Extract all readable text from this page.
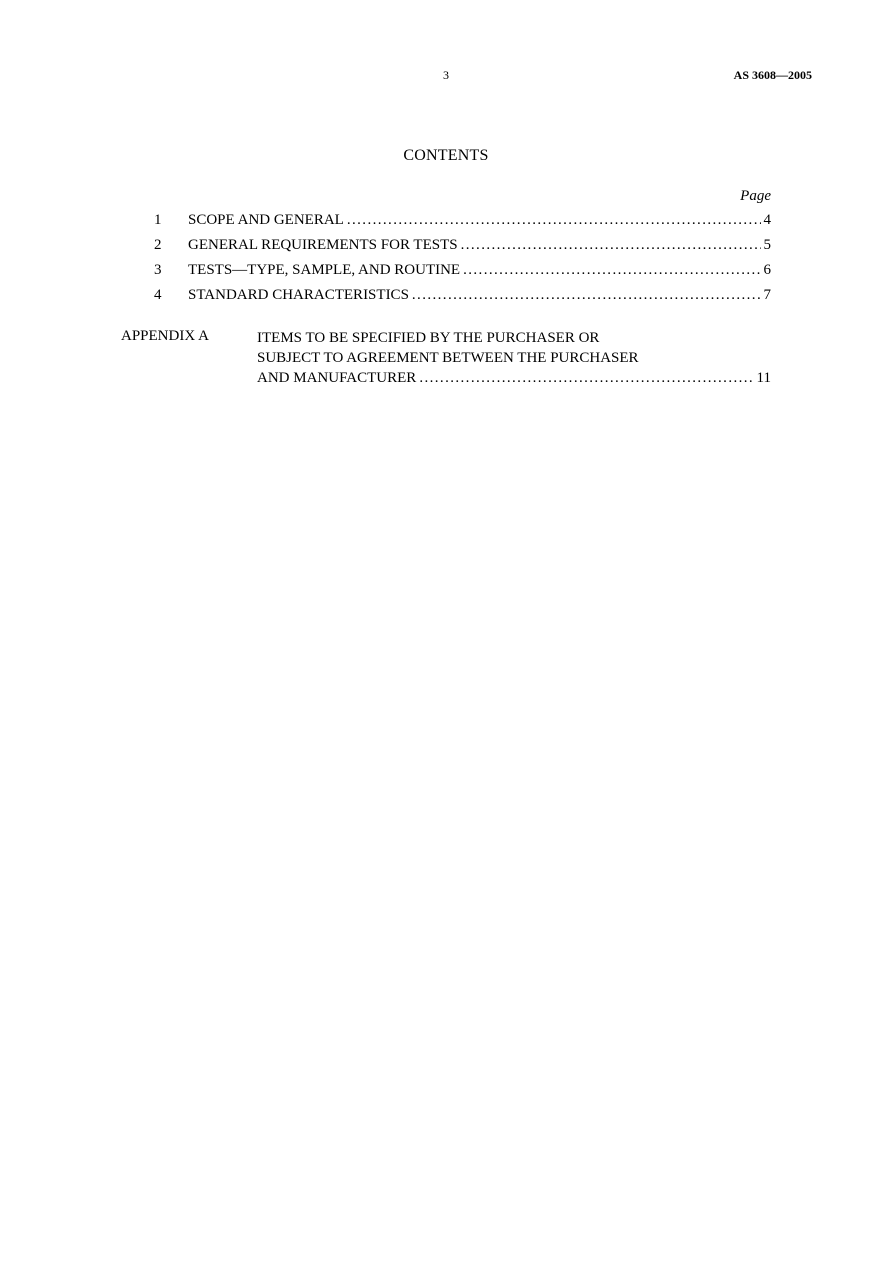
3	AS 3608—2005
CONTENTS
Page
1	SCOPE AND GENERAL .....	4
2	GENERAL REQUIREMENTS FOR TESTS .....	5
3	TESTS—TYPE, SAMPLE, AND ROUTINE .....	6
4	STANDARD CHARACTERISTICS .....	7
APPENDIX A	ITEMS TO BE SPECIFIED BY THE PURCHASER OR
SUBJECT TO AGREEMENT BETWEEN THE PURCHASER
AND MANUFACTURER .....	11
